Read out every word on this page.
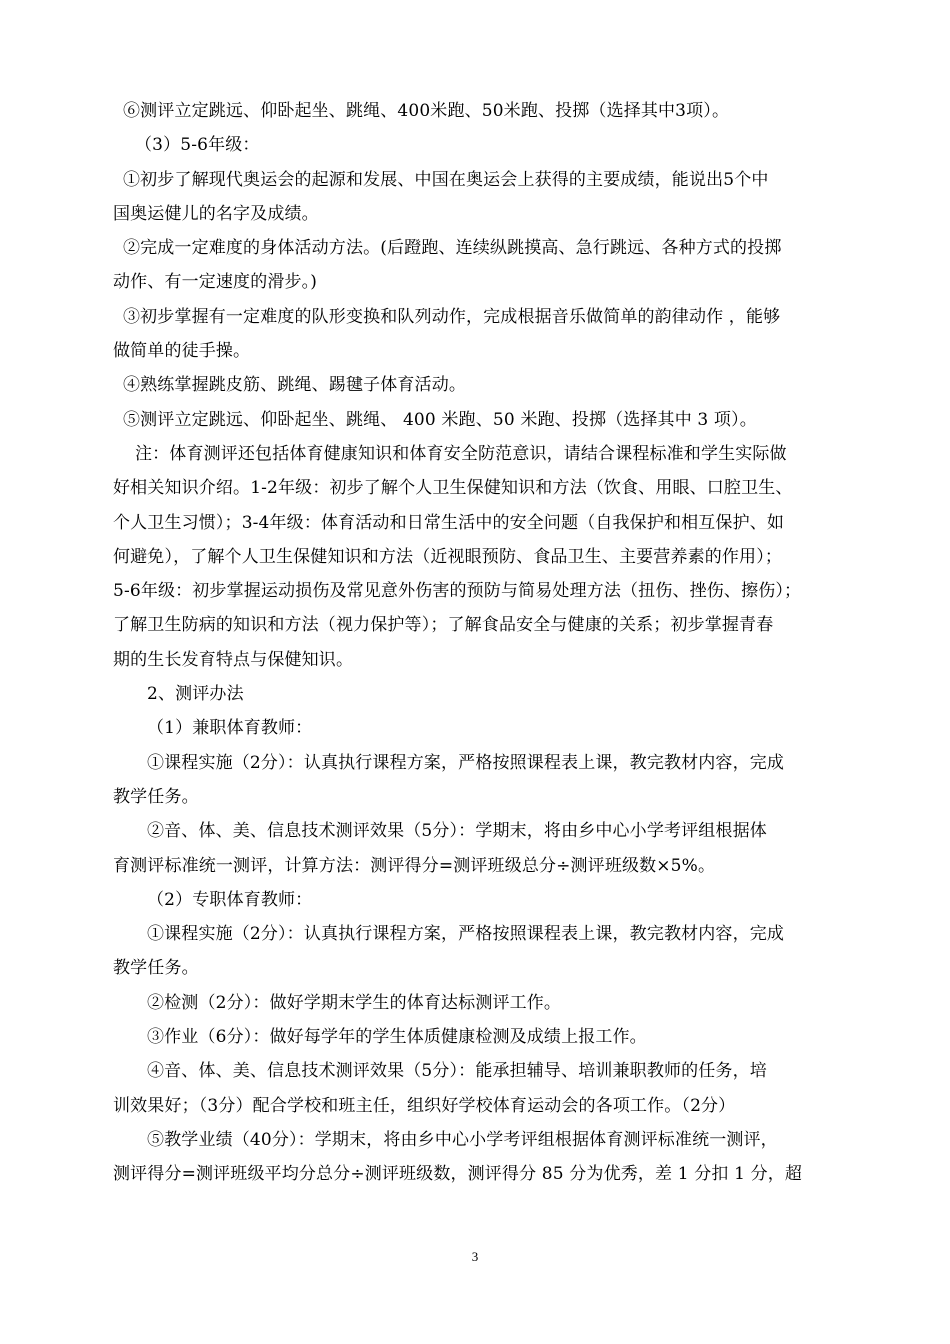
⑥测评立定跳远、仰卧起坐、跳绳、400米跑、50米跑、投掷（选择其中3项）。
（3）5-6年级：
①初步了解现代奥运会的起源和发展、中国在奥运会上获得的主要成绩，能说出5个中
国奥运健儿的名字及成绩。
②完成一定难度的身体活动方法。(后蹬跑、连续纵跳摸高、急行跳远、各种方式的投掷
动作、有一定速度的滑步。)
③初步掌握有一定难度的队形变换和队列动作，完成根据音乐做简单的韵律动作 ，能够
做简单的徒手操。
④熟练掌握跳皮筋、跳绳、踢毽子体育活动。
⑤测评立定跳远、仰卧起坐、跳绳、 400 米跑、50 米跑、投掷（选择其中 3 项）。
注：体育测评还包括体育健康知识和体育安全防范意识，请结合课程标准和学生实际做
好相关知识介绍。1-2年级：初步了解个人卫生保健知识和方法（饮食、用眼、口腔卫生、
个人卫生习惯）；3-4年级：体育活动和日常生活中的安全问题（自我保护和相互保护、如
何避免），了解个人卫生保健知识和方法（近视眼预防、食品卫生、主要营养素的作用）；
5-6年级：初步掌握运动损伤及常见意外伤害的预防与简易处理方法（扭伤、挫伤、擦伤）；
了解卫生防病的知识和方法（视力保护等）；了解食品安全与健康的关系；初步掌握青春
期的生长发育特点与保健知识。
2、测评办法
（1）兼职体育教师：
①课程实施（2分）：认真执行课程方案，严格按照课程表上课，教完教材内容，完成
教学任务。
②音、体、美、信息技术测评效果（5分）：学期末，将由乡中心小学考评组根据体
育测评标准统一测评，计算方法：测评得分=测评班级总分÷测评班级数×5%。
（2）专职体育教师：
①课程实施（2分）：认真执行课程方案，严格按照课程表上课，教完教材内容，完成
教学任务。
②检测（2分）：做好学期末学生的体育达标测评工作。
③作业（6分）：做好每学年的学生体质健康检测及成绩上报工作。
④音、体、美、信息技术测评效果（5分）：能承担辅导、培训兼职教师的任务，培
训效果好；（3分）配合学校和班主任，组织好学校体育运动会的各项工作。（2分）
⑤教学业绩（40分）：学期末，将由乡中心小学考评组根据体育测评标准统一测评，
测评得分=测评班级平均分总分÷测评班级数，测评得分 85 分为优秀，差 1 分扣 1 分，超
3
